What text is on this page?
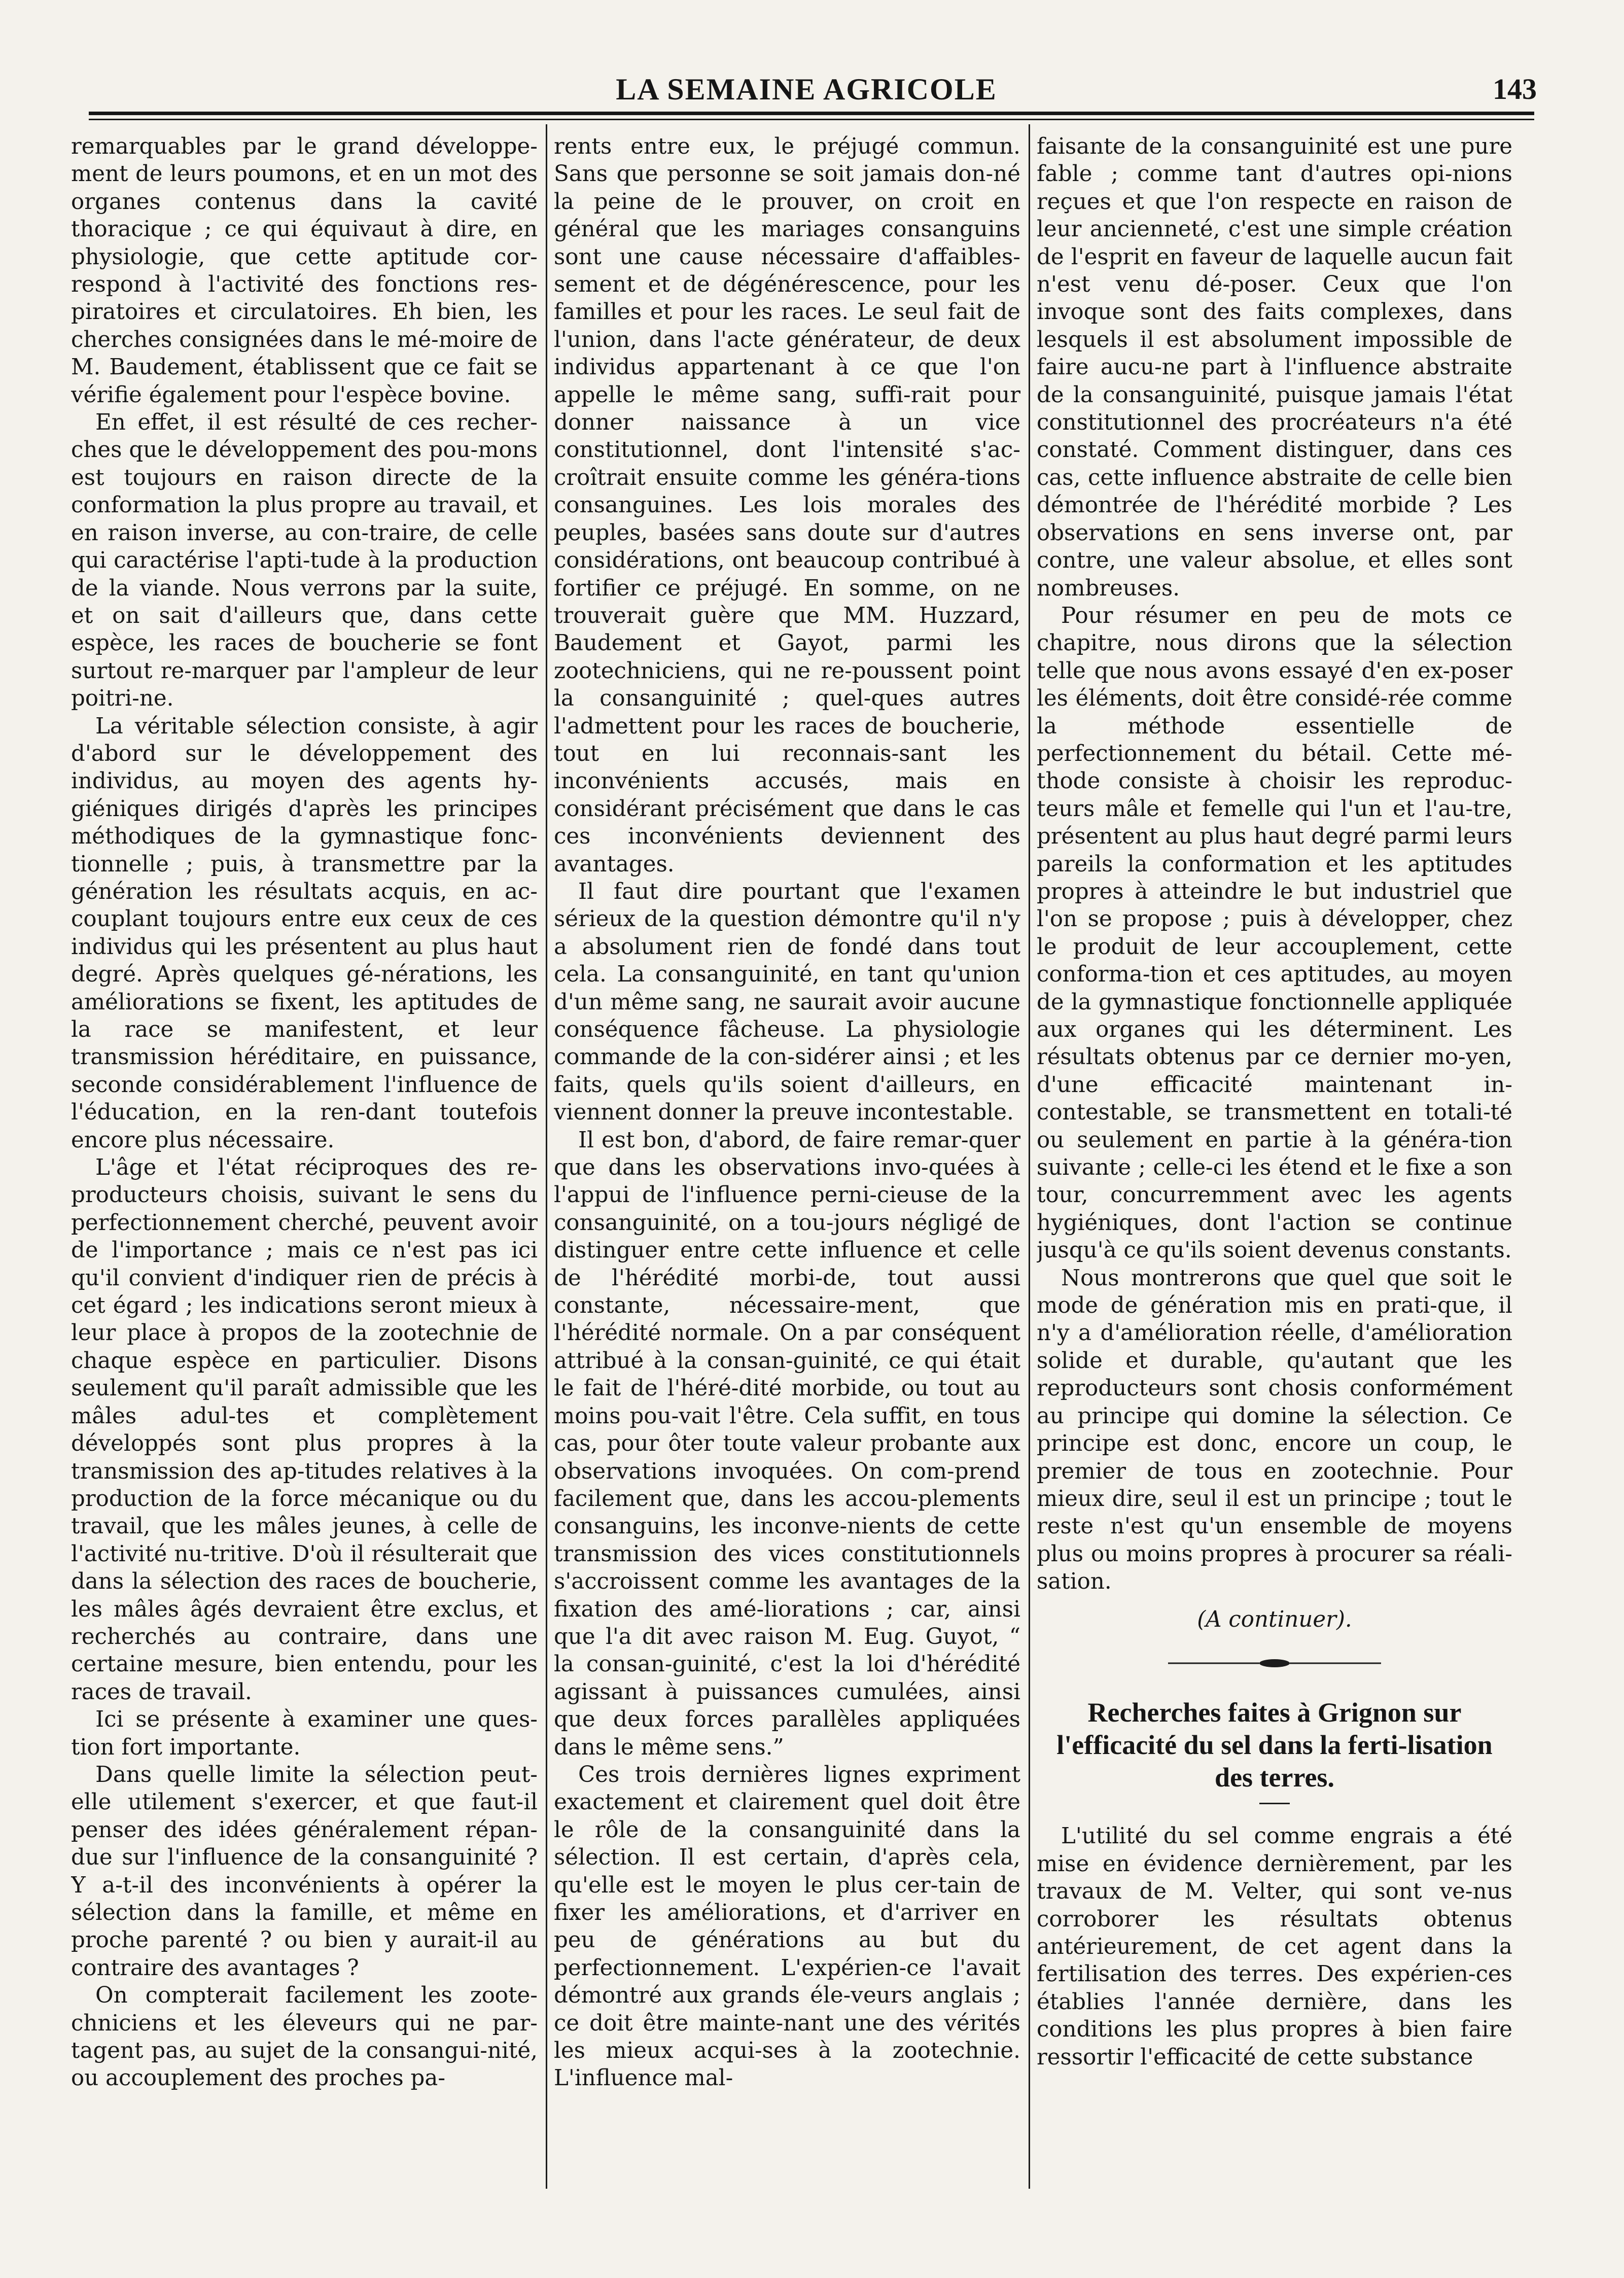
LA SEMAINE AGRICOLE	143

remarquables par le grand développe-ment de leurs poumons, et en un mot des organes contenus dans la cavité thoracique ; ce qui équivaut à dire, en physiologie, que cette aptitude cor-respond à l'activité des fonctions res-piratoires et circulatoires. Eh bien, les cherches consignées dans le mé-moire de M. Baudement, établissent que ce fait se vérifie également pour l'espèce bovine.

En effet, il est résulté de ces recher-ches que le développement des pou-mons est toujours en raison directe de la conformation la plus propre au travail, et en raison inverse, au con-traire, de celle qui caractérise l'apti-tude à la production de la viande. Nous verrons par la suite, et on sait d'ailleurs que, dans cette espèce, les races de boucherie se font surtout re-marquer par l'ampleur de leur poitri-ne.

La véritable sélection consiste, à agir d'abord sur le développement des individus, au moyen des agents hy-giéniques dirigés d'après les principes méthodiques de la gymnastique fonc-tionnelle ; puis, à transmettre par la génération les résultats acquis, en ac-couplant toujours entre eux ceux de ces individus qui les présentent au plus haut degré. Après quelques gé-nérations, les améliorations se fixent, les aptitudes de la race se manifestent, et leur transmission héréditaire, en puissance, seconde considérablement l'influence de l'éducation, en la ren-dant toutefois encore plus nécessaire.

L'âge et l'état réciproques des re-producteurs choisis, suivant le sens du perfectionnement cherché, peuvent avoir de l'importance ; mais ce n'est pas ici qu'il convient d'indiquer rien de précis à cet égard ; les indications seront mieux à leur place à propos de la zootechnie de chaque espèce en particulier. Disons seulement qu'il paraît admissible que les mâles adul-tes et complètement développés sont plus propres à la transmission des ap-titudes relatives à la production de la force mécanique ou du travail, que les mâles jeunes, à celle de l'activité nu-tritive. D'où il résulterait que dans la sélection des races de boucherie, les mâles âgés devraient être exclus, et recherchés au contraire, dans une certaine mesure, bien entendu, pour les races de travail.

Ici se présente à examiner une ques-tion fort importante.

Dans quelle limite la sélection peut-elle utilement s'exercer, et que faut-il penser des idées généralement répan-due sur l'influence de la consanguinité ? Y a-t-il des inconvénients à opérer la sélection dans la famille, et même en proche parenté ? ou bien y aurait-il au contraire des avantages ?

On compterait facilement les zoote-chniciens et les éleveurs qui ne par-tagent pas, au sujet de la consangui-nité, ou accouplement des proches pa-

rents entre eux, le préjugé commun. Sans que personne se soit jamais don-né la peine de le prouver, on croit en général que les mariages consanguins sont une cause nécessaire d'affaibles-sement et de dégénérescence, pour les familles et pour les races. Le seul fait de l'union, dans l'acte générateur, de deux individus appartenant à ce que l'on appelle le même sang, suffi-rait pour donner naissance à un vice constitutionnel, dont l'intensité s'ac-croîtrait ensuite comme les généra-tions consanguines. Les lois morales des peuples, basées sans doute sur d'autres considérations, ont beaucoup contribué à fortifier ce préjugé. En somme, on ne trouverait guère que MM. Huzzard, Baudement et Gayot, parmi les zootechniciens, qui ne re-poussent point la consanguinité ; quel-ques autres l'admettent pour les races de boucherie, tout en lui reconnais-sant les inconvénients accusés, mais en considérant précisément que dans le cas ces inconvénients deviennent des avantages.

Il faut dire pourtant que l'examen sérieux de la question démontre qu'il n'y a absolument rien de fondé dans tout cela. La consanguinité, en tant qu'union d'un même sang, ne saurait avoir aucune conséquence fâcheuse. La physiologie commande de la con-sidérer ainsi ; et les faits, quels qu'ils soient d'ailleurs, en viennent donner la preuve incontestable.

Il est bon, d'abord, de faire remar-quer que dans les observations invo-quées à l'appui de l'influence perni-cieuse de la consanguinité, on a tou-jours négligé de distinguer entre cette influence et celle de l'hérédité morbi-de, tout aussi constante, nécessaire-ment, que l'hérédité normale. On a par conséquent attribué à la consan-guinité, ce qui était le fait de l'héré-dité morbide, ou tout au moins pou-vait l'être. Cela suffit, en tous cas, pour ôter toute valeur probante aux observations invoquées. On com-prend facilement que, dans les accou-plements consanguins, les inconve-nients de cette transmission des vices constitutionnels s'accroissent comme les avantages de la fixation des amé-liorations ; car, ainsi que l'a dit avec raison M. Eug. Guyot, “ la consan-guinité, c'est la loi d'hérédité agissant à puissances cumulées, ainsi que deux forces parallèles appliquées dans le même sens.”

Ces trois dernières lignes expriment exactement et clairement quel doit être le rôle de la consanguinité dans la sélection. Il est certain, d'après cela, qu'elle est le moyen le plus cer-tain de fixer les améliorations, et d'arriver en peu de générations au but du perfectionnement. L'expérien-ce l'avait démontré aux grands éle-veurs anglais ; ce doit être mainte-nant une des vérités les mieux acqui-ses à la zootechnie. L'influence mal-

faisante de la consanguinité est une pure fable ; comme tant d'autres opi-nions reçues et que l'on respecte en raison de leur ancienneté, c'est une simple création de l'esprit en faveur de laquelle aucun fait n'est venu dé-poser. Ceux que l'on invoque sont des faits complexes, dans lesquels il est absolument impossible de faire aucu-ne part à l'influence abstraite de la consanguinité, puisque jamais l'état constitutionnel des procréateurs n'a été constaté. Comment distinguer, dans ces cas, cette influence abstraite de celle bien démontrée de l'hérédité morbide ? Les observations en sens inverse ont, par contre, une valeur absolue, et elles sont nombreuses.

Pour résumer en peu de mots ce chapitre, nous dirons que la sélection telle que nous avons essayé d'en ex-poser les éléments, doit être considé-rée comme la méthode essentielle de perfectionnement du bétail. Cette mé-thode consiste à choisir les reproduc-teurs mâle et femelle qui l'un et l'au-tre, présentent au plus haut degré parmi leurs pareils la conformation et les aptitudes propres à atteindre le but industriel que l'on se propose ; puis à développer, chez le produit de leur accouplement, cette conforma-tion et ces aptitudes, au moyen de la gymnastique fonctionnelle appliquée aux organes qui les déterminent. Les résultats obtenus par ce dernier mo-yen, d'une efficacité maintenant in-contestable, se transmettent en totali-té ou seulement en partie à la généra-tion suivante ; celle-ci les étend et le fixe a son tour, concurremment avec les agents hygiéniques, dont l'action se continue jusqu'à ce qu'ils soient devenus constants.

Nous montrerons que quel que soit le mode de génération mis en prati-que, il n'y a d'amélioration réelle, d'amélioration solide et durable, qu'autant que les reproducteurs sont chosis conformément au principe qui domine la sélection. Ce principe est donc, encore un coup, le premier de tous en zootechnie. Pour mieux dire, seul il est un principe ; tout le reste n'est qu'un ensemble de moyens plus ou moins propres à procurer sa réali-sation.

(A continuer).

Recherches faites à Grignon sur l'efficacité du sel dans la ferti-lisation des terres.

L'utilité du sel comme engrais a été mise en évidence dernièrement, par les travaux de M. Velter, qui sont ve-nus corroborer les résultats obtenus antérieurement, de cet agent dans la fertilisation des terres. Des expérien-ces établies l'année dernière, dans les conditions les plus propres à bien faire ressortir l'efficacité de cette substance
